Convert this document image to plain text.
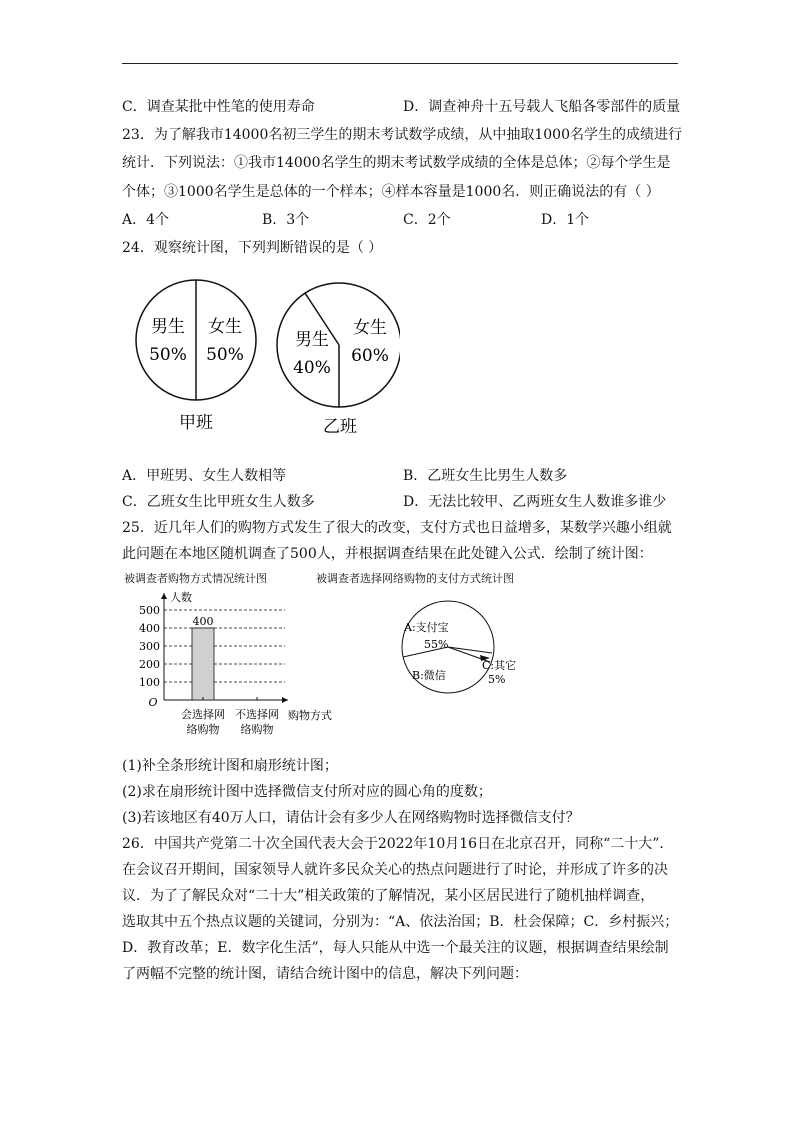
C．调查某批中性笔的使用寿命	D．调查神舟十五号载人飞船各零部件的质量
23．为了解我市14000名初三学生的期末考试数学成绩，从中抽取1000名学生的成绩进行
统计．下列说法：①我市14000名学生的期末考试数学成绩的全体是总体；②每个学生是
个体；③1000名学生是总体的一个样本；④样本容量是1000名．则正确说法的有（ ）
A．4个	B．3个	C．2个	D．1个
24．观察统计图，下列判断错误的是（ ）
男生
50%
女生
50%
甲班
男生
40%
女生
60%
乙班
A．甲班男、女生人数相等	B．乙班女生比男生人数多
C．乙班女生比甲班女生人数多	D．无法比较甲、乙两班女生人数谁多谁少
25．近几年人们的购物方式发生了很大的改变，支付方式也日益增多，某数学兴趣小组就
此问题在本地区随机调查了500人，并根据调查结果在此处键入公式．绘制了统计图：
被调查者购物方式情况统计图	被调查者选择网络购物的支付方式统计图
人数
O
购物方式
100
200
300
400
500
400
会选择网
络购物
不选择网
络购物
A:支付宝
55%
B:微信
C:其它
5%
(1)补全条形统计图和扇形统计图；
(2)求在扇形统计图中选择微信支付所对应的圆心角的度数；
(3)若该地区有40万人口，请估计会有多少人在网络购物时选择微信支付？
26．中国共产党第二十次全国代表大会于2022年10月16日在北京召开，同称“二十大”．
在会议召开期间，国家领导人就许多民众关心的热点问题进行了时论，并形成了许多的决
议．为了了解民众对“二十大”相关政策的了解情况，某小区居民进行了随机抽样调查，
选取其中五个热点议题的关键词，分别为：“A、依法治国；B．杜会保障；C．乡村振兴；
D．教育改革；E．数字化生活”，每人只能从中选一个最关注的议题，根据调查结果绘制
了两幅不完整的统计图，请结合统计图中的信息，解决下列问题：
